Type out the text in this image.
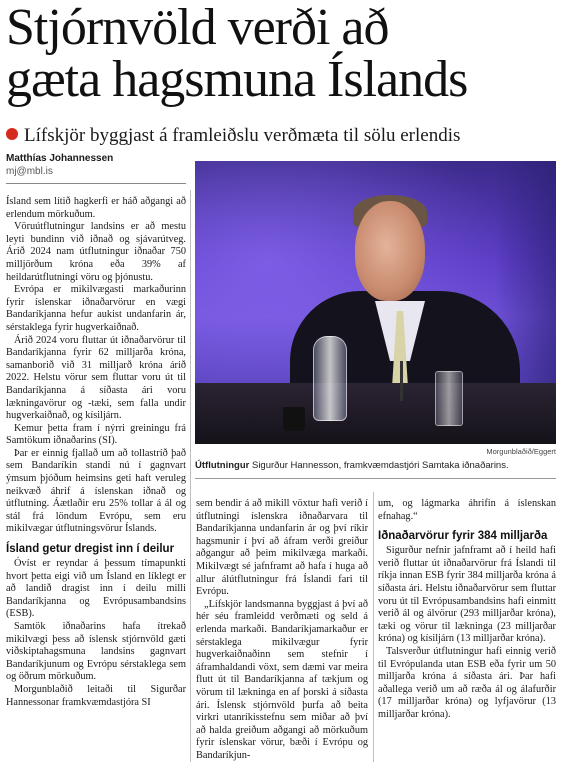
Stjórnvöld verði að
gæta hagsmuna Íslands
Lífskjör byggjast á framleiðslu verðmæta til sölu erlendis
Matthías Johannessen
mj@mbl.is

Ísland sem lítið hagkerfi er háð aðgangi að erlendum mörkuðum.

Vöruútflutningur landsins er að mestu leyti bundinn við iðnað og sjávarútveg. Árið 2024 nam útflutningur iðnaðar 750 milljörðum króna eða 39% af heildarútflutningi vöru og þjónustu.

Evrópa er mikilvægasti markaðurinn fyrir íslenskar iðnaðarvörur en vægi Bandaríkjanna hefur aukist undanfarin ár, sérstaklega fyrir hugverkaiðnað.

Árið 2024 voru fluttar út iðnaðarvörur til Bandaríkjanna fyrir 62 milljarða króna, samanborið við 31 milljarð króna árið 2022. Helstu vörur sem fluttar voru út til Bandaríkjanna á síðasta ári voru lækningavörur og -tæki, sem falla undir hugverkaiðnað, og kísiljárn.

Kemur þetta fram í nýrri greiningu frá Samtökum iðnaðarins (SI).

Þar er einnig fjallað um að tollastríð það sem Bandaríkin standi nú í gagnvart ýmsum þjóðum heimsins geti haft veruleg neikvæð áhrif á íslenskan iðnað og útflutning. Áætlaðir eru 25% tollar á ál og stál frá löndum Evrópu, sem eru mikilvægar útflutningsvörur Íslands.

Ísland getur dregist inn í deilur

Óvíst er reyndar á þessum tímapunkti hvort þetta eigi við um Ísland en líklegt er að landið dragist inn í deilu milli Bandaríkjanna og Evrópusambandsins (ESB).

Samtök iðnaðarins hafa ítrekað mikilvægi þess að íslensk stjórnvöld gæti viðskiptahagsmuna landsins gagnvart Bandaríkjunum og Evrópu sérstaklega sem og öðrum mörkuðum.

Morgunblaðið leitaði til Sigurðar Hannessonar framkvæmdastjóra SI

Morgunblaðið/Eggert
Útflutningur Sigurður Hannesson, framkvæmdastjóri Samtaka iðnaðarins.

sem bendir á að mikill vöxtur hafi verið í útflutningi íslenskra iðnaðarvara til Bandaríkjanna undanfarin ár og því ríkir hagsmunir í því að áfram verði greiður aðgangur að þeim mikilvæga markaði. Mikilvægt sé jafnframt að hafa í huga að allur álútflutningur frá Íslandi fari til Evrópu.

„Lífskjör landsmanna byggjast á því að hér séu framleidd verðmæti og seld á erlenda markaði. Bandaríkjamarkaður er sérstaklega mikilvægur fyrir hugverkaiðnaðinn sem stefnir í áframhaldandi vöxt, sem dæmi var meira flutt út til Bandaríkjanna af tækjum og vörum til lækninga en af þorski á síðasta ári. Íslensk stjórnvöld þurfa að beita virkri utanríkisstefnu sem miðar að því að halda greiðum aðgangi að mörkuðum fyrir íslenskar vörur, bæði í Evrópu og Bandaríkjun-

um, og lágmarka áhrifin á íslenskan efnahag.“

Iðnaðarvörur fyrir 384 milljarða

Sigurður nefnir jafnframt að í heild hafi verið fluttar út iðnaðarvörur frá Íslandi til ríkja innan ESB fyrir 384 milljarða króna á síðasta ári. Helstu iðnaðarvörur sem fluttar voru út til Evrópusambandsins hafi einmitt verið ál og álvörur (293 milljarðar króna), tæki og vörur til lækninga (23 milljarðar króna) og kísiljárn (13 milljarðar króna).

Talsverður útflutningur hafi einnig verið til Evrópulanda utan ESB eða fyrir um 50 milljarða króna á síðasta ári. Þar hafi aðallega verið um að ræða ál og álafurðir (17 milljarðar króna) og lyfjavörur (13 milljarðar króna).
